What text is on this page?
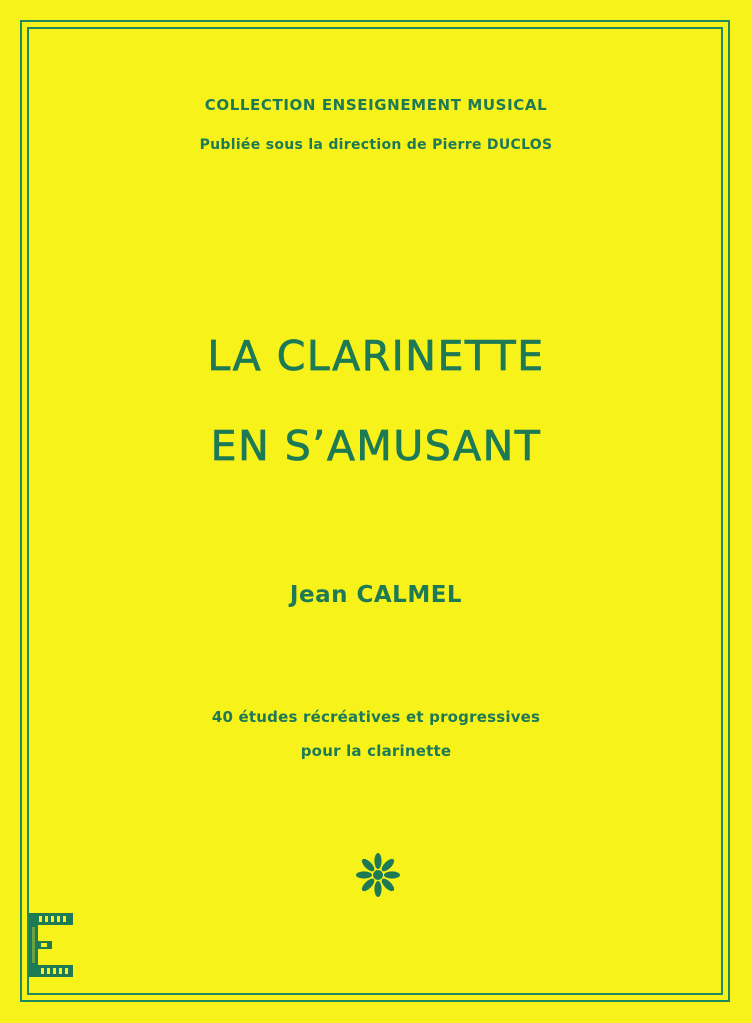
COLLECTION ENSEIGNEMENT MUSICAL
Publiée sous la direction de Pierre DUCLOS
LA CLARINETTE
EN S’AMUSANT
Jean CALMEL
40 études récréatives et progressives
pour la clarinette
